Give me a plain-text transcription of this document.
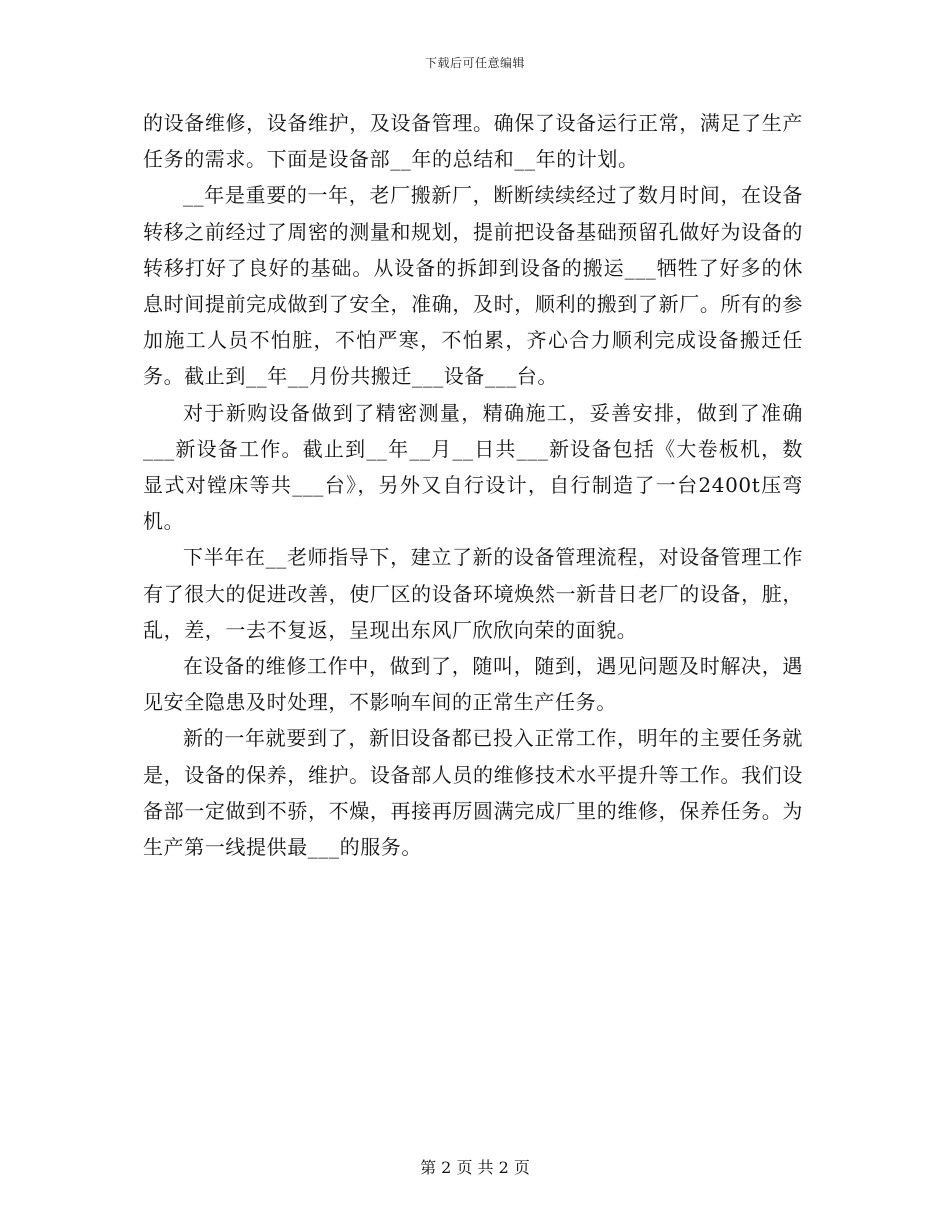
下载后可任意编辑

的设备维修，设备维护，及设备管理。确保了设备运行正常，满足了生产任务的需求。下面是设备部__年的总结和__年的计划。

__年是重要的一年，老厂搬新厂，断断续续经过了数月时间，在设备转移之前经过了周密的测量和规划，提前把设备基础预留孔做好为设备的转移打好了良好的基础。从设备的拆卸到设备的搬运___牺牲了好多的休息时间提前完成做到了安全，准确，及时，顺利的搬到了新厂。所有的参加施工人员不怕脏，不怕严寒，不怕累，齐心合力顺利完成设备搬迁任务。截止到__年__月份共搬迁___设备___台。

对于新购设备做到了精密测量，精确施工，妥善安排，做到了准确___新设备工作。截止到__年__月__日共___新设备包括《大卷板机，数显式对镗床等共___台》，另外又自行设计，自行制造了一台2400t压弯机。

下半年在__老师指导下，建立了新的设备管理流程，对设备管理工作有了很大的促进改善，使厂区的设备环境焕然一新昔日老厂的设备，脏，乱，差，一去不复返，呈现出东风厂欣欣向荣的面貌。

在设备的维修工作中，做到了，随叫，随到，遇见问题及时解决，遇见安全隐患及时处理，不影响车间的正常生产任务。

新的一年就要到了，新旧设备都已投入正常工作，明年的主要任务就是，设备的保养，维护。设备部人员的维修技术水平提升等工作。我们设备部一定做到不骄，不燥，再接再厉圆满完成厂里的维修，保养任务。为生产第一线提供最___的服务。

第 2 页 共 2 页
